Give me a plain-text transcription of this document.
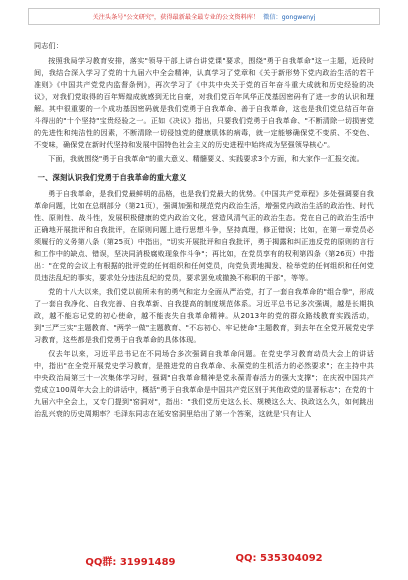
关注头条号"公文研究"，获得最新最全最专业的公文资料库！ 微信：gongwenyj

同志们：

按照我局学习教育安排，落实"领导干部上讲台讲党课"要求，围绕"勇于自我革命"这一主题，近段时间，我结合深入学习了党的十九届六中全会精神，认真学习了党章和《关于新形势下党内政治生活的若干准则》《中国共产党党内监督条例》，再次学习了《中共中央关于党的百年奋斗重大成就和历史经验的决议》，对我们党取得的百年辉煌成就感到无比自豪，对我们党百年风华正茂基因密码有了进一步的认识和理解。其中很重要的一个成功基因密码就是我们党勇于自我革命、善于自我革命，这也是我们党总结百年奋斗得出的"十个坚持"宝贵经验之一。正如《决议》指出，只要我们党勇于自我革命、"不断清除一切损害党的先进性和纯洁性的因素，不断清除一切侵蚀党的健康肌体的病毒，就一定能够确保党不变质、不变色、不变味，确保党在新时代坚持和发展中国特色社会主义的历史进程中始终成为坚强领导核心"。

下面，我就围绕"勇于自我革命"的重大意义、精髓要义、实践要求3个方面，和大家作一汇报交流。

一、深刻认识我们党勇于自我革命的重大意义

勇于自我革命，是我们党最鲜明的品格，也是我们党最大的优势。《中国共产党章程》多处强调要自我革命问题，比如在总纲部分（第21页），强调加强和规范党内政治生活，增强党内政治生活的政治性、时代性、原则性、战斗性，发展积极健康的党内政治文化，营造风清气正的政治生态。党在自己的政治生活中正确地开展批评和自我批评，在原则问题上进行思想斗争，坚持真理，修正错误；比如，在第一章党员必须履行的义务第八条（第25页）中指出，"切实开展批评和自我批评，勇于揭露和纠正违反党的原则的言行和工作中的缺点、错误，坚决同消极腐败现象作斗争"；再比如，在党员享有的权利第四条（第26页）中指出："在党的会议上有根据的批评党的任何组织和任何党员，向党负责地揭发、检举党的任何组织和任何党员违法乱纪的事实，要求处分违法乱纪的党员，要求罢免或撤换不称职的干部"，等等。

党的十八大以来，我们党以前所未有的勇气和定力全面从严治党，打了一套自我革命的"组合拳"，形成了一套自我净化、自我完善、自我革新、自我提高的制度规范体系。习近平总书记多次强调，越是长期执政，越不能忘记党的初心使命，越不能丧失自我革命精神。从2013年的党的群众路线教育实践活动，到"三严三实"主题教育、"两学一做"主题教育、"不忘初心、牢记使命"主题教育，到去年在全党开展党史学习教育，这些都是我们党勇于自我革命的具体体现。

仅去年以来，习近平总书记在不同场合多次强调自我革命问题。在党史学习教育动员大会上的讲话中，指出"在全党开展党史学习教育，是推进党的自我革命、永葆党的生机活力的必然要求"；在主持中共中央政治局第三十一次集体学习时，强调"自我革命精神是党永葆青春活力的强大支撑"；在庆祝中国共产党成立100周年大会上的讲话中，概括"勇于自我革命是中国共产党区别于其他政党的显著标志"；在党的十九届六中全会上，又专门提到"窑洞对"，指出："我们党历史这么长、规模这么大、执政这么久，如何跳出治乱兴衰的历史周期率？毛泽东同志在延安窑洞里给出了第一个答案，这就是'只有让人

QQ群: 31991489	QQ: 535304092
